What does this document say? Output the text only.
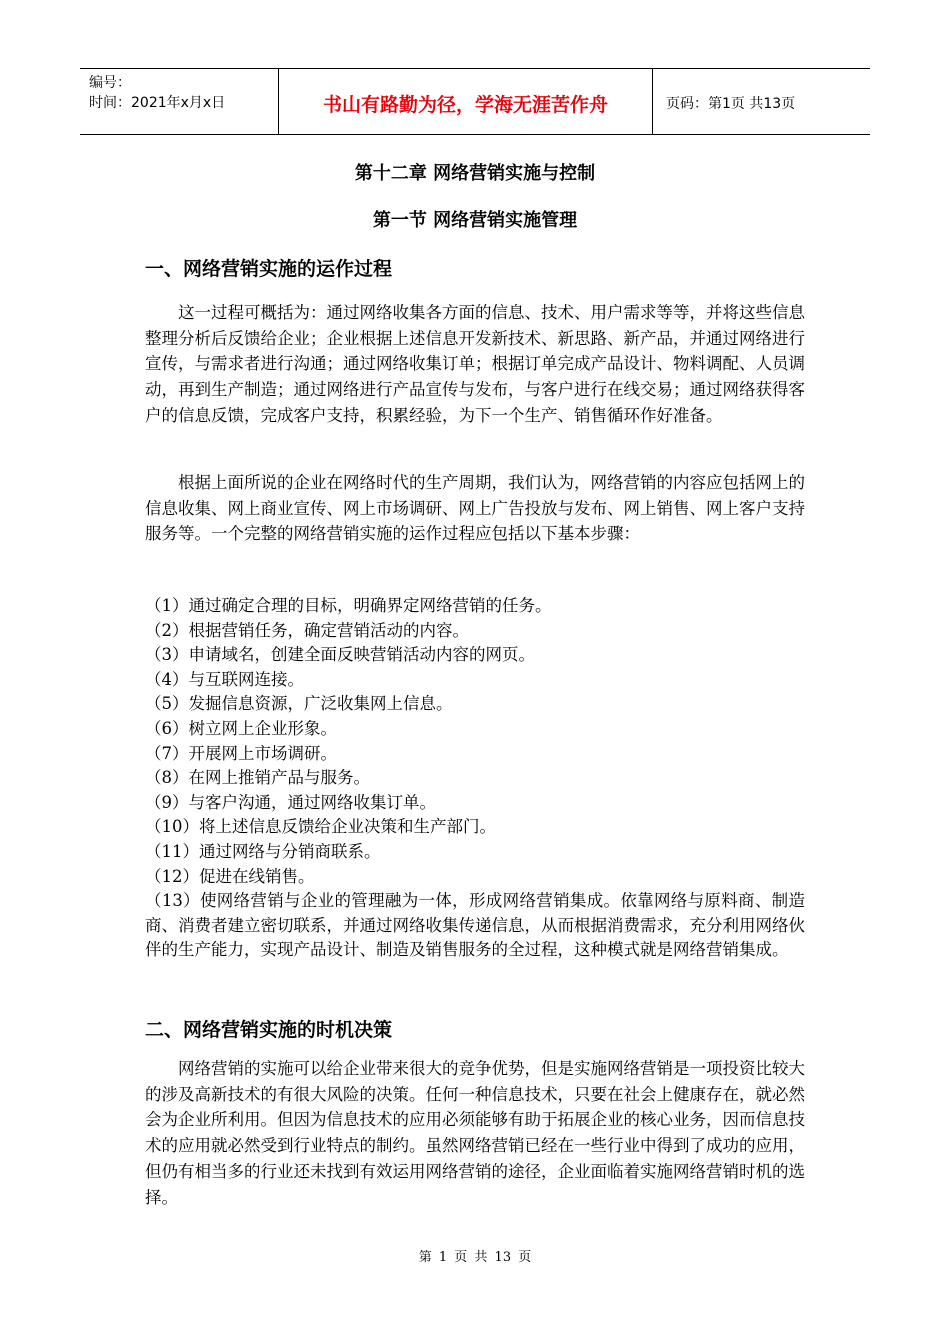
编号：
时间：2021年x月x日	书山有路勤为径，学海无涯苦作舟	页码：第1页 共13页
第十二章 网络营销实施与控制
第一节 网络营销实施管理
一、网络营销实施的运作过程

这一过程可概括为：通过网络收集各方面的信息、技术、用户需求等等，并将这些信息整理分析后反馈给企业；企业根据上述信息开发新技术、新思路、新产品，并通过网络进行宣传，与需求者进行沟通；通过网络收集订单；根据订单完成产品设计、物料调配、人员调动，再到生产制造；通过网络进行产品宣传与发布，与客户进行在线交易；通过网络获得客户的信息反馈，完成客户支持，积累经验，为下一个生产、销售循环作好准备。

根据上面所说的企业在网络时代的生产周期，我们认为，网络营销的内容应包括网上的信息收集、网上商业宣传、网上市场调研、网上广告投放与发布、网上销售、网上客户支持服务等。一个完整的网络营销实施的运作过程应包括以下基本步骤：

（1）通过确定合理的目标，明确界定网络营销的任务。
（2）根据营销任务，确定营销活动的内容。
（3）申请域名，创建全面反映营销活动内容的网页。
（4）与互联网连接。
（5）发掘信息资源，广泛收集网上信息。
（6）树立网上企业形象。
（7）开展网上市场调研。
（8）在网上推销产品与服务。
（9）与客户沟通，通过网络收集订单。
（10）将上述信息反馈给企业决策和生产部门。
（11）通过网络与分销商联系。
（12）促进在线销售。
（13）使网络营销与企业的管理融为一体，形成网络营销集成。依靠网络与原料商、制造商、消费者建立密切联系，并通过网络收集传递信息，从而根据消费需求，充分利用网络伙伴的生产能力，实现产品设计、制造及销售服务的全过程，这种模式就是网络营销集成。
二、网络营销实施的时机决策

网络营销的实施可以给企业带来很大的竞争优势，但是实施网络营销是一项投资比较大的涉及高新技术的有很大风险的决策。任何一种信息技术，只要在社会上健康存在，就必然会为企业所利用。但因为信息技术的应用必须能够有助于拓展企业的核心业务，因而信息技术的应用就必然受到行业特点的制约。虽然网络营销已经在一些行业中得到了成功的应用，但仍有相当多的行业还未找到有效运用网络营销的途径，企业面临着实施网络营销时机的选择。

第 1 页 共 13 页
